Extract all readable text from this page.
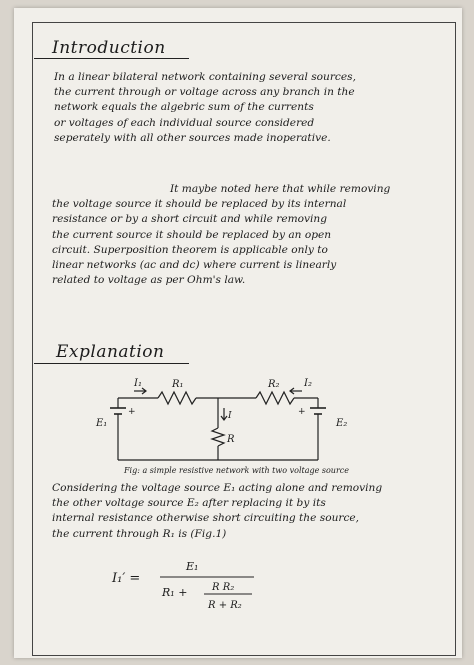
Introduction
In a linear bilateral network containing several sources,
the current through or voltage across any branch in the
network equals the algebric sum of the currents
or voltages of each individual source considered
seperately with all other sources made inoperative.
It maybe noted here that while removing
the voltage source it should be replaced by its internal
resistance or by a short circuit and while removing
the current source it should be replaced by an open
circuit. Superposition theorem is applicable only to
linear networks (ac and dc) where current is linearly
related to voltage as per Ohm's law.
Explanation
I₁	R₁	R₂ I₂
E₁	E₂
R
I
+	+
Fig: a simple resistive network with two voltage source
Considering the voltage source E₁ acting alone and removing
the other voltage source E₂ after replacing it by its
internal resistance otherwise short circuiting the source,
the current through R₁ is (Fig.1)
I₁′ =
E₁
R₁ + R R₂
R + R₂
